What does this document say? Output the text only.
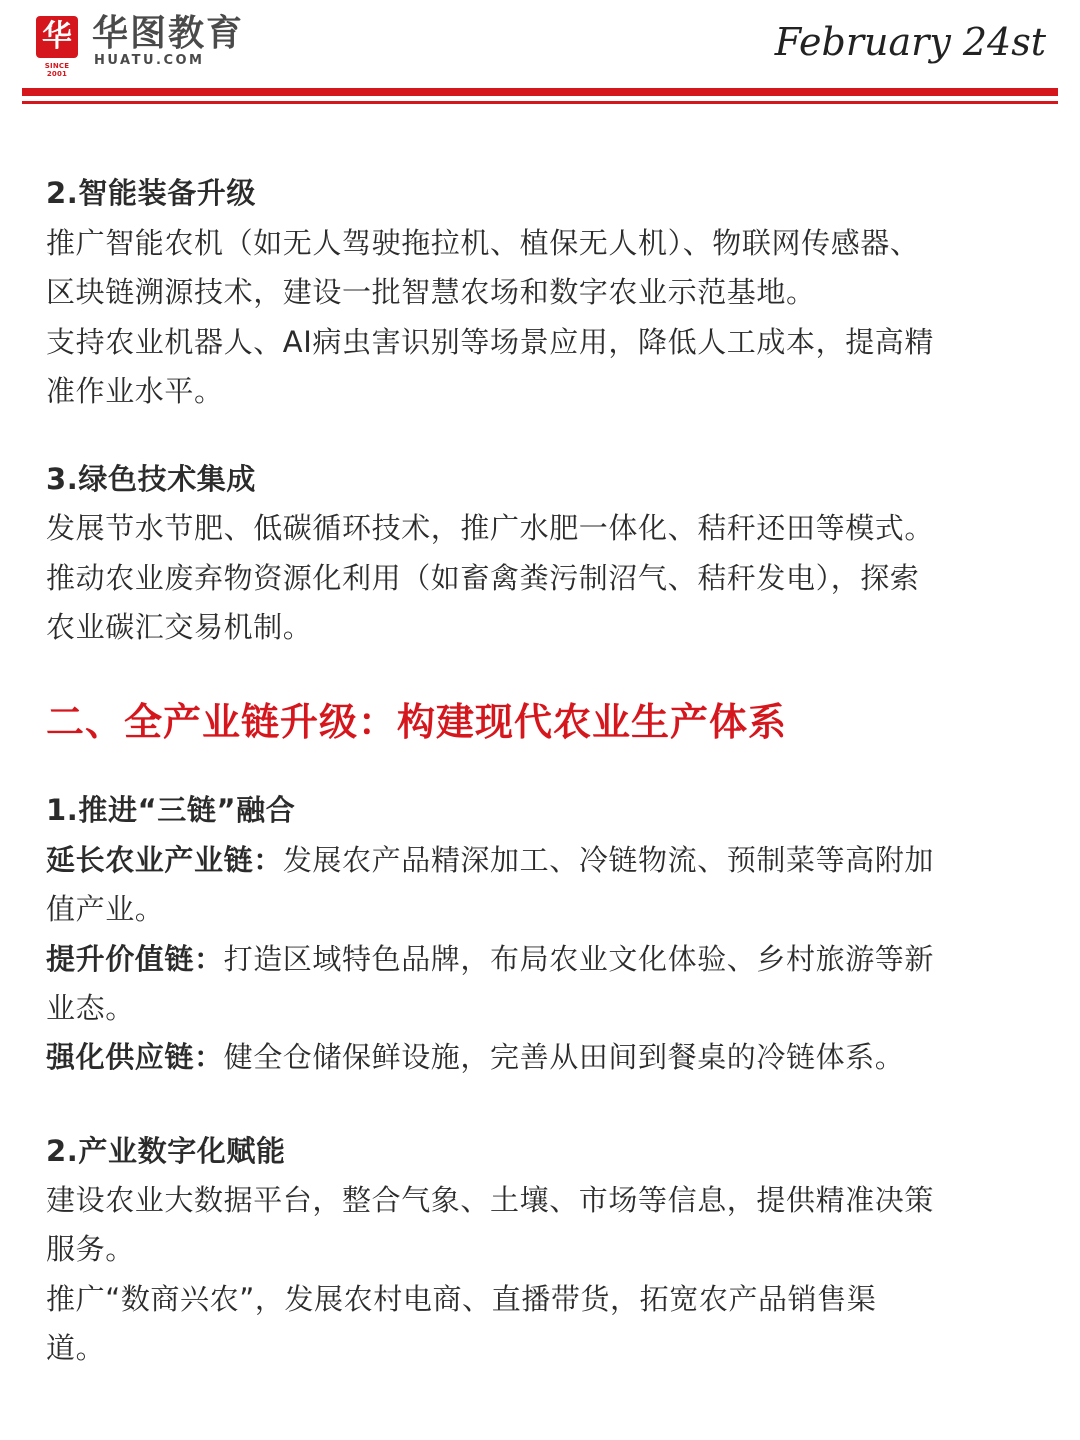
华
SINCE 2001
华图教育
HUATU.COM	February 24st
2.智能装备升级
推广智能农机（如无人驾驶拖拉机、植保无人机）、物联网传感器、
区块链溯源技术，建设一批智慧农场和数字农业示范基地。
支持农业机器人、AI病虫害识别等场景应用，降低人工成本，提高精
准作业水平。
3.绿色技术集成
发展节水节肥、低碳循环技术，推广水肥一体化、秸秆还田等模式。
推动农业废弃物资源化利用（如畜禽粪污制沼气、秸秆发电），探索
农业碳汇交易机制。
二、全产业链升级：构建现代农业生产体系
1.推进“三链”融合
延长农业产业链：发展农产品精深加工、冷链物流、预制菜等高附加
值产业。
提升价值链：打造区域特色品牌，布局农业文化体验、乡村旅游等新
业态。
强化供应链：健全仓储保鲜设施，完善从田间到餐桌的冷链体系。
2.产业数字化赋能
建设农业大数据平台，整合气象、土壤、市场等信息，提供精准决策
服务。
推广“数商兴农”，发展农村电商、直播带货，拓宽农产品销售渠
道。
